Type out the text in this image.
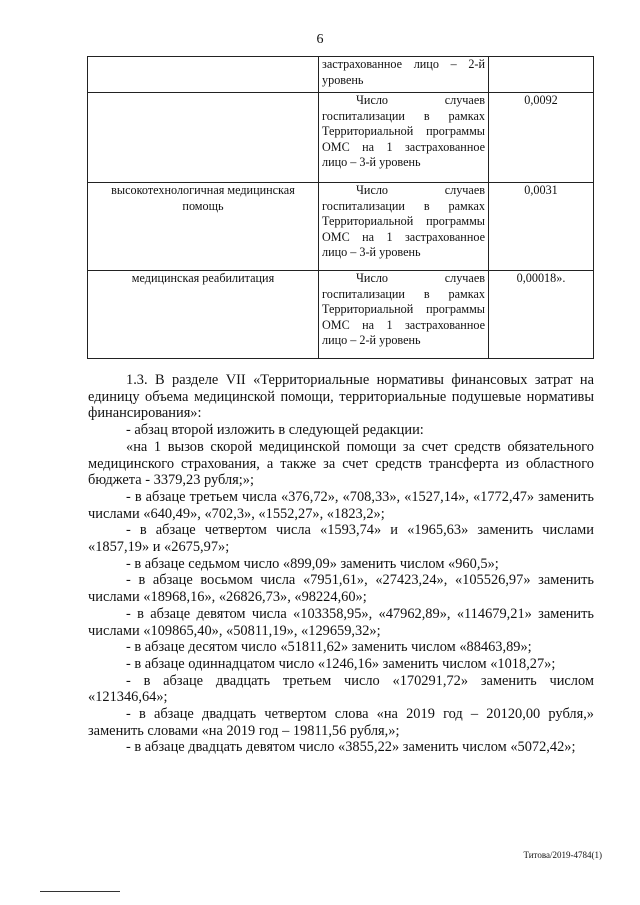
6
	застрахованное лицо – 2-й уровень	
	Число случаев госпитализации в рамках Территориальной программы ОМС на 1 застрахованное лицо – 3-й уровень	0,0092
высокотехнологичная медицинская помощь	Число случаев госпитализации в рамках Территориальной программы ОМС на 1 застрахованное лицо – 3-й уровень	0,0031
медицинская реабилитация	Число случаев госпитализации в рамках Территориальной программы ОМС на 1 застрахованное лицо – 2-й уровень	0,00018».

1.3. В разделе VII «Территориальные нормативы финансовых затрат на единицу объема медицинской помощи, территориальные подушевые нормативы финансирования»:

- абзац второй изложить в следующей редакции:

«на 1 вызов скорой медицинской помощи за счет средств обязательного медицинского страхования, а также за счет средств трансферта из областного бюджета - 3379,23 рубля;»;

- в абзаце третьем числа «376,72», «708,33», «1527,14», «1772,47» заменить числами «640,49», «702,3», «1552,27», «1823,2»;

- в абзаце четвертом числа «1593,74» и «1965,63» заменить числами «1857,19» и «2675,97»;

- в абзаце седьмом число «899,09» заменить числом «960,5»;

- в абзаце восьмом числа «7951,61», «27423,24», «105526,97» заменить числами «18968,16», «26826,73», «98224,60»;

- в абзаце девятом числа «103358,95», «47962,89», «114679,21» заменить числами «109865,40», «50811,19», «129659,32»;

- в абзаце десятом число «51811,62» заменить числом «88463,89»;

- в абзаце одиннадцатом число «1246,16» заменить числом «1018,27»;

- в абзаце двадцать третьем число «170291,72» заменить числом «121346,64»;

- в абзаце двадцать четвертом слова «на 2019 год – 20120,00 рубля,» заменить словами «на 2019 год – 19811,56 рубля,»;

- в абзаце двадцать девятом число «3855,22» заменить числом «5072,42»;

Титова/2019-4784(1)
